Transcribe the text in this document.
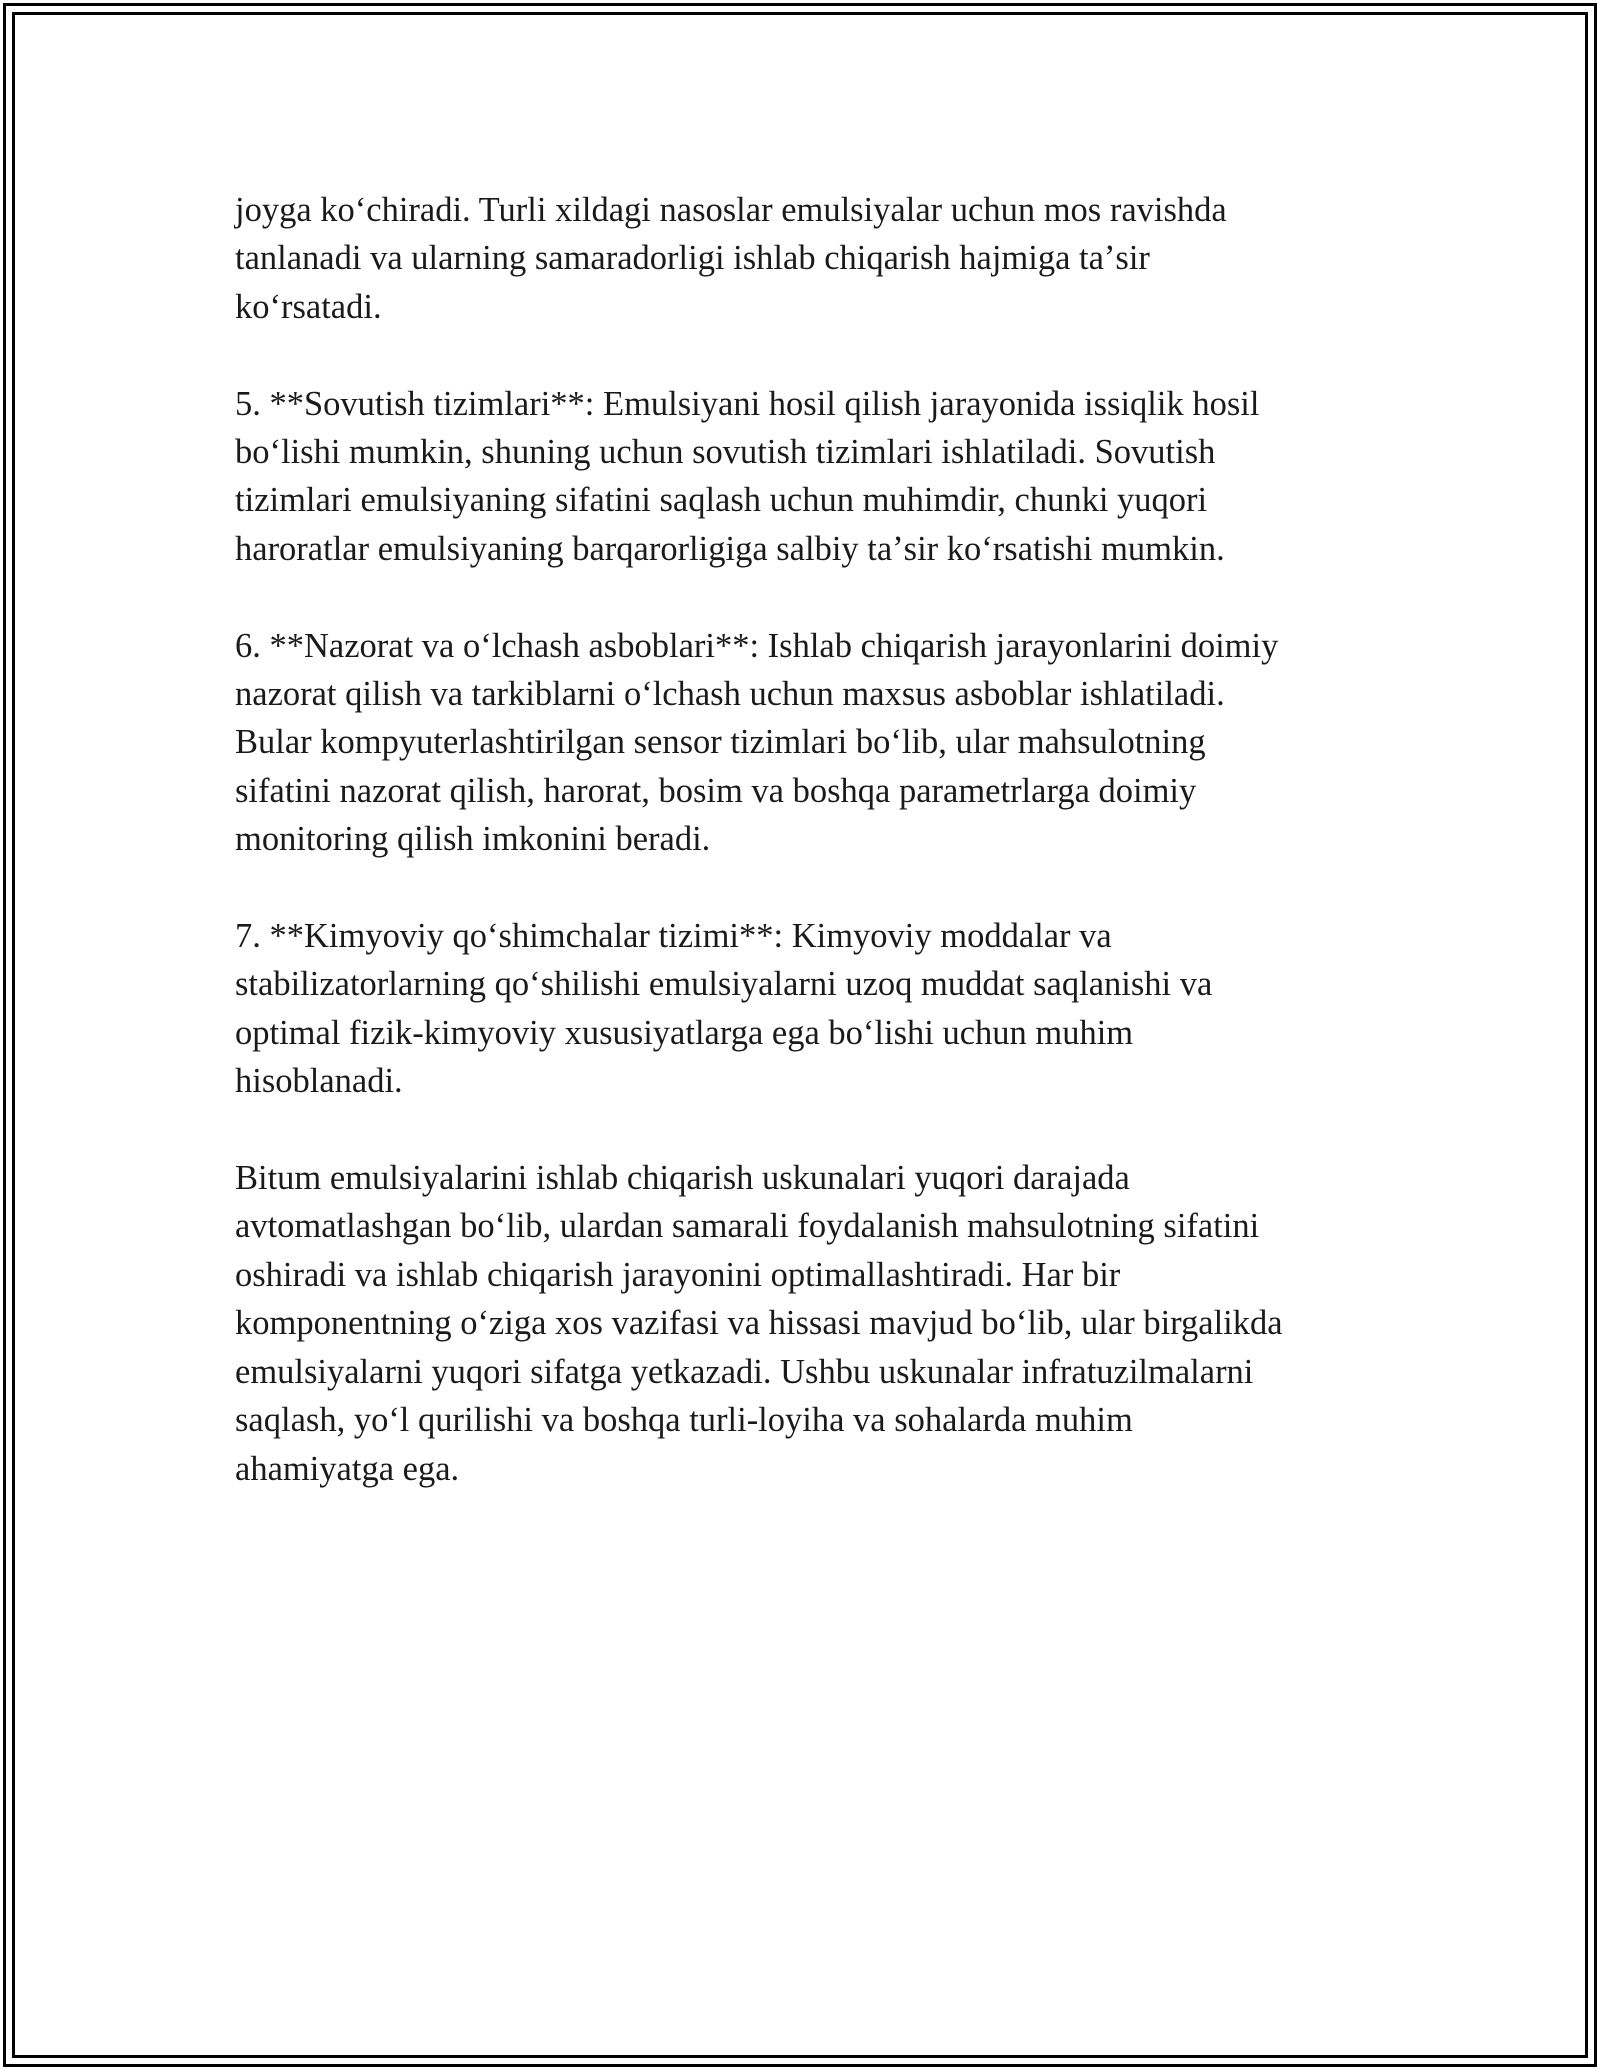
joyga koʻchiradi. Turli xildagi nasoslar emulsiyalar uchun mos ravishda
tanlanadi va ularning samaradorligi ishlab chiqarish hajmiga taʼsir
koʻrsatadi.

5. **Sovutish tizimlari**: Emulsiyani hosil qilish jarayonida issiqlik hosil
boʻlishi mumkin, shuning uchun sovutish tizimlari ishlatiladi. Sovutish
tizimlari emulsiyaning sifatini saqlash uchun muhimdir, chunki yuqori
haroratlar emulsiyaning barqarorligiga salbiy taʼsir koʻrsatishi mumkin.

6. **Nazorat va oʻlchash asboblari**: Ishlab chiqarish jarayonlarini doimiy
nazorat qilish va tarkiblarni oʻlchash uchun maxsus asboblar ishlatiladi.
Bular kompyuterlashtirilgan sensor tizimlari boʻlib, ular mahsulotning
sifatini nazorat qilish, harorat, bosim va boshqa parametrlarga doimiy
monitoring qilish imkonini beradi.

7. **Kimyoviy qoʻshimchalar tizimi**: Kimyoviy moddalar va
stabilizatorlarning qoʻshilishi emulsiyalarni uzoq muddat saqlanishi va
optimal fizik-kimyoviy xususiyatlarga ega boʻlishi uchun muhim
hisoblanadi.

Bitum emulsiyalarini ishlab chiqarish uskunalari yuqori darajada
avtomatlashgan boʻlib, ulardan samarali foydalanish mahsulotning sifatini
oshiradi va ishlab chiqarish jarayonini optimallashtiradi. Har bir
komponentning oʻziga xos vazifasi va hissasi mavjud boʻlib, ular birgalikda
emulsiyalarni yuqori sifatga yetkazadi. Ushbu uskunalar infratuzilmalarni
saqlash, yoʻl qurilishi va boshqa turli-loyiha va sohalarda muhim
ahamiyatga ega.
